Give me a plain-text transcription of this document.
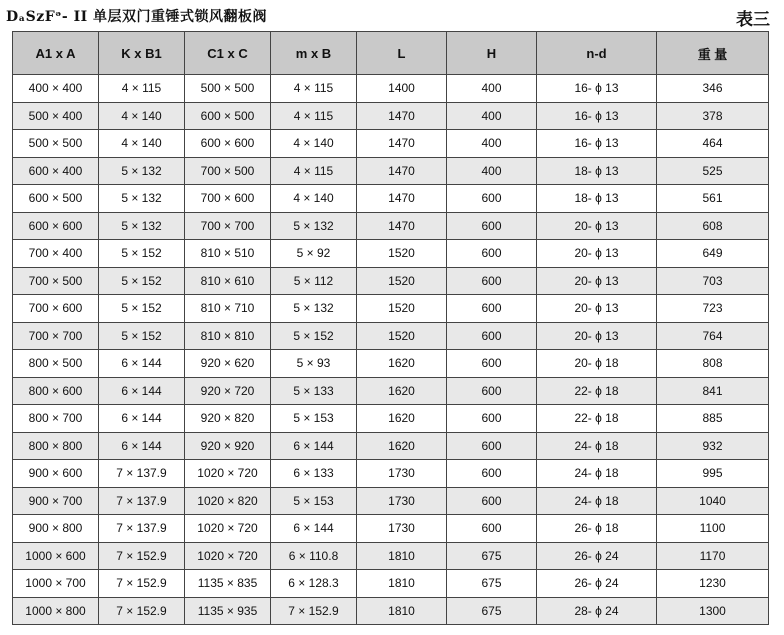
DₐSzFᵊ- II 单层双门重锤式锁风翻板阀	表三
A1 x A	K x B1	C1 x C	m x B	L	H	n-d	重 量
400 × 400	4 × 115	500 × 500	4 × 115	1400	400	16- ϕ 13	346
500 × 400	4 × 140	600 × 500	4 × 115	1470	400	16- ϕ 13	378
500 × 500	4 × 140	600 × 600	4 × 140	1470	400	16- ϕ 13	464
600 × 400	5 × 132	700 × 500	4 × 115	1470	400	18- ϕ 13	525
600 × 500	5 × 132	700 × 600	4 × 140	1470	600	18- ϕ 13	561
600 × 600	5 × 132	700 × 700	5 × 132	1470	600	20- ϕ 13	608
700 × 400	5 × 152	810 × 510	5 × 92	1520	600	20- ϕ 13	649
700 × 500	5 × 152	810 × 610	5 × 112	1520	600	20- ϕ 13	703
700 × 600	5 × 152	810 × 710	5 × 132	1520	600	20- ϕ 13	723
700 × 700	5 × 152	810 × 810	5 × 152	1520	600	20- ϕ 13	764
800 × 500	6 × 144	920 × 620	5 × 93	1620	600	20- ϕ 18	808
800 × 600	6 × 144	920 × 720	5 × 133	1620	600	22- ϕ 18	841
800 × 700	6 × 144	920 × 820	5 × 153	1620	600	22- ϕ 18	885
800 × 800	6 × 144	920 × 920	6 × 144	1620	600	24- ϕ 18	932
900 × 600	7 × 137.9	1020 × 720	6 × 133	1730	600	24- ϕ 18	995
900 × 700	7 × 137.9	1020 × 820	5 × 153	1730	600	24- ϕ 18	1040
900 × 800	7 × 137.9	1020 × 720	6 × 144	1730	600	26- ϕ 18	1100
1000 × 600	7 × 152.9	1020 × 720	6 × 110.8	1810	675	26- ϕ 24	1170
1000 × 700	7 × 152.9	1135 × 835	6 × 128.3	1810	675	26- ϕ 24	1230
1000 × 800	7 × 152.9	1135 × 935	7 × 152.9	1810	675	28- ϕ 24	1300
